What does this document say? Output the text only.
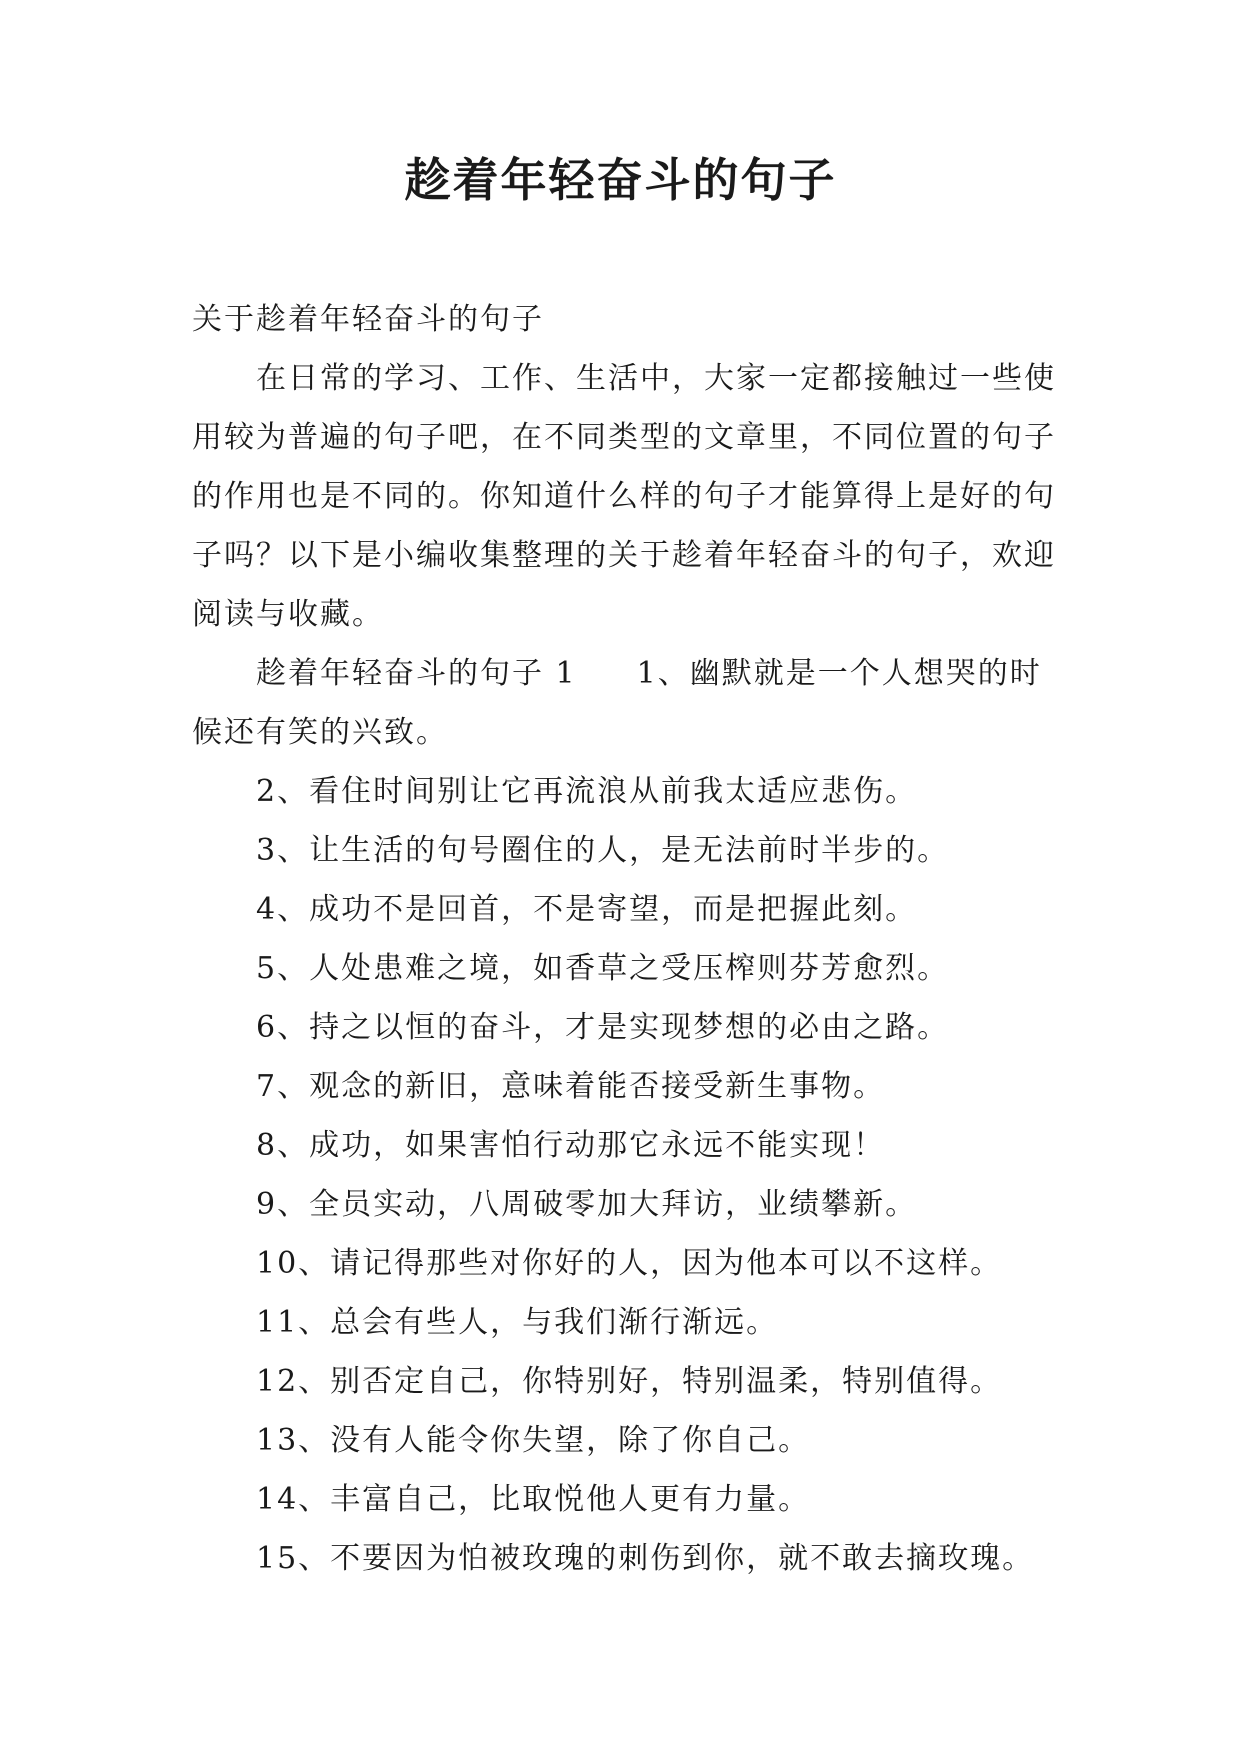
趁着年轻奋斗的句子

关于趁着年轻奋斗的句子

在日常的学习、工作、生活中，大家一定都接触过一些使用较为普遍的句子吧，在不同类型的文章里，不同位置的句子的作用也是不同的。你知道什么样的句子才能算得上是好的句子吗？以下是小编收集整理的关于趁着年轻奋斗的句子，欢迎阅读与收藏。

趁着年轻奋斗的句子 1 1、幽默就是一个人想哭的时候还有笑的兴致。

2、看住时间别让它再流浪从前我太适应悲伤。

3、让生活的句号圈住的人，是无法前时半步的。

4、成功不是回首，不是寄望，而是把握此刻。

5、人处患难之境，如香草之受压榨则芬芳愈烈。

6、持之以恒的奋斗，才是实现梦想的必由之路。

7、观念的新旧，意味着能否接受新生事物。

8、成功，如果害怕行动那它永远不能实现！

9、全员实动，八周破零加大拜访，业绩攀新。

10、请记得那些对你好的人，因为他本可以不这样。

11、总会有些人，与我们渐行渐远。

12、别否定自己，你特别好，特别温柔，特别值得。

13、没有人能令你失望，除了你自己。

14、丰富自己，比取悦他人更有力量。

15、不要因为怕被玫瑰的刺伤到你，就不敢去摘玫瑰。
